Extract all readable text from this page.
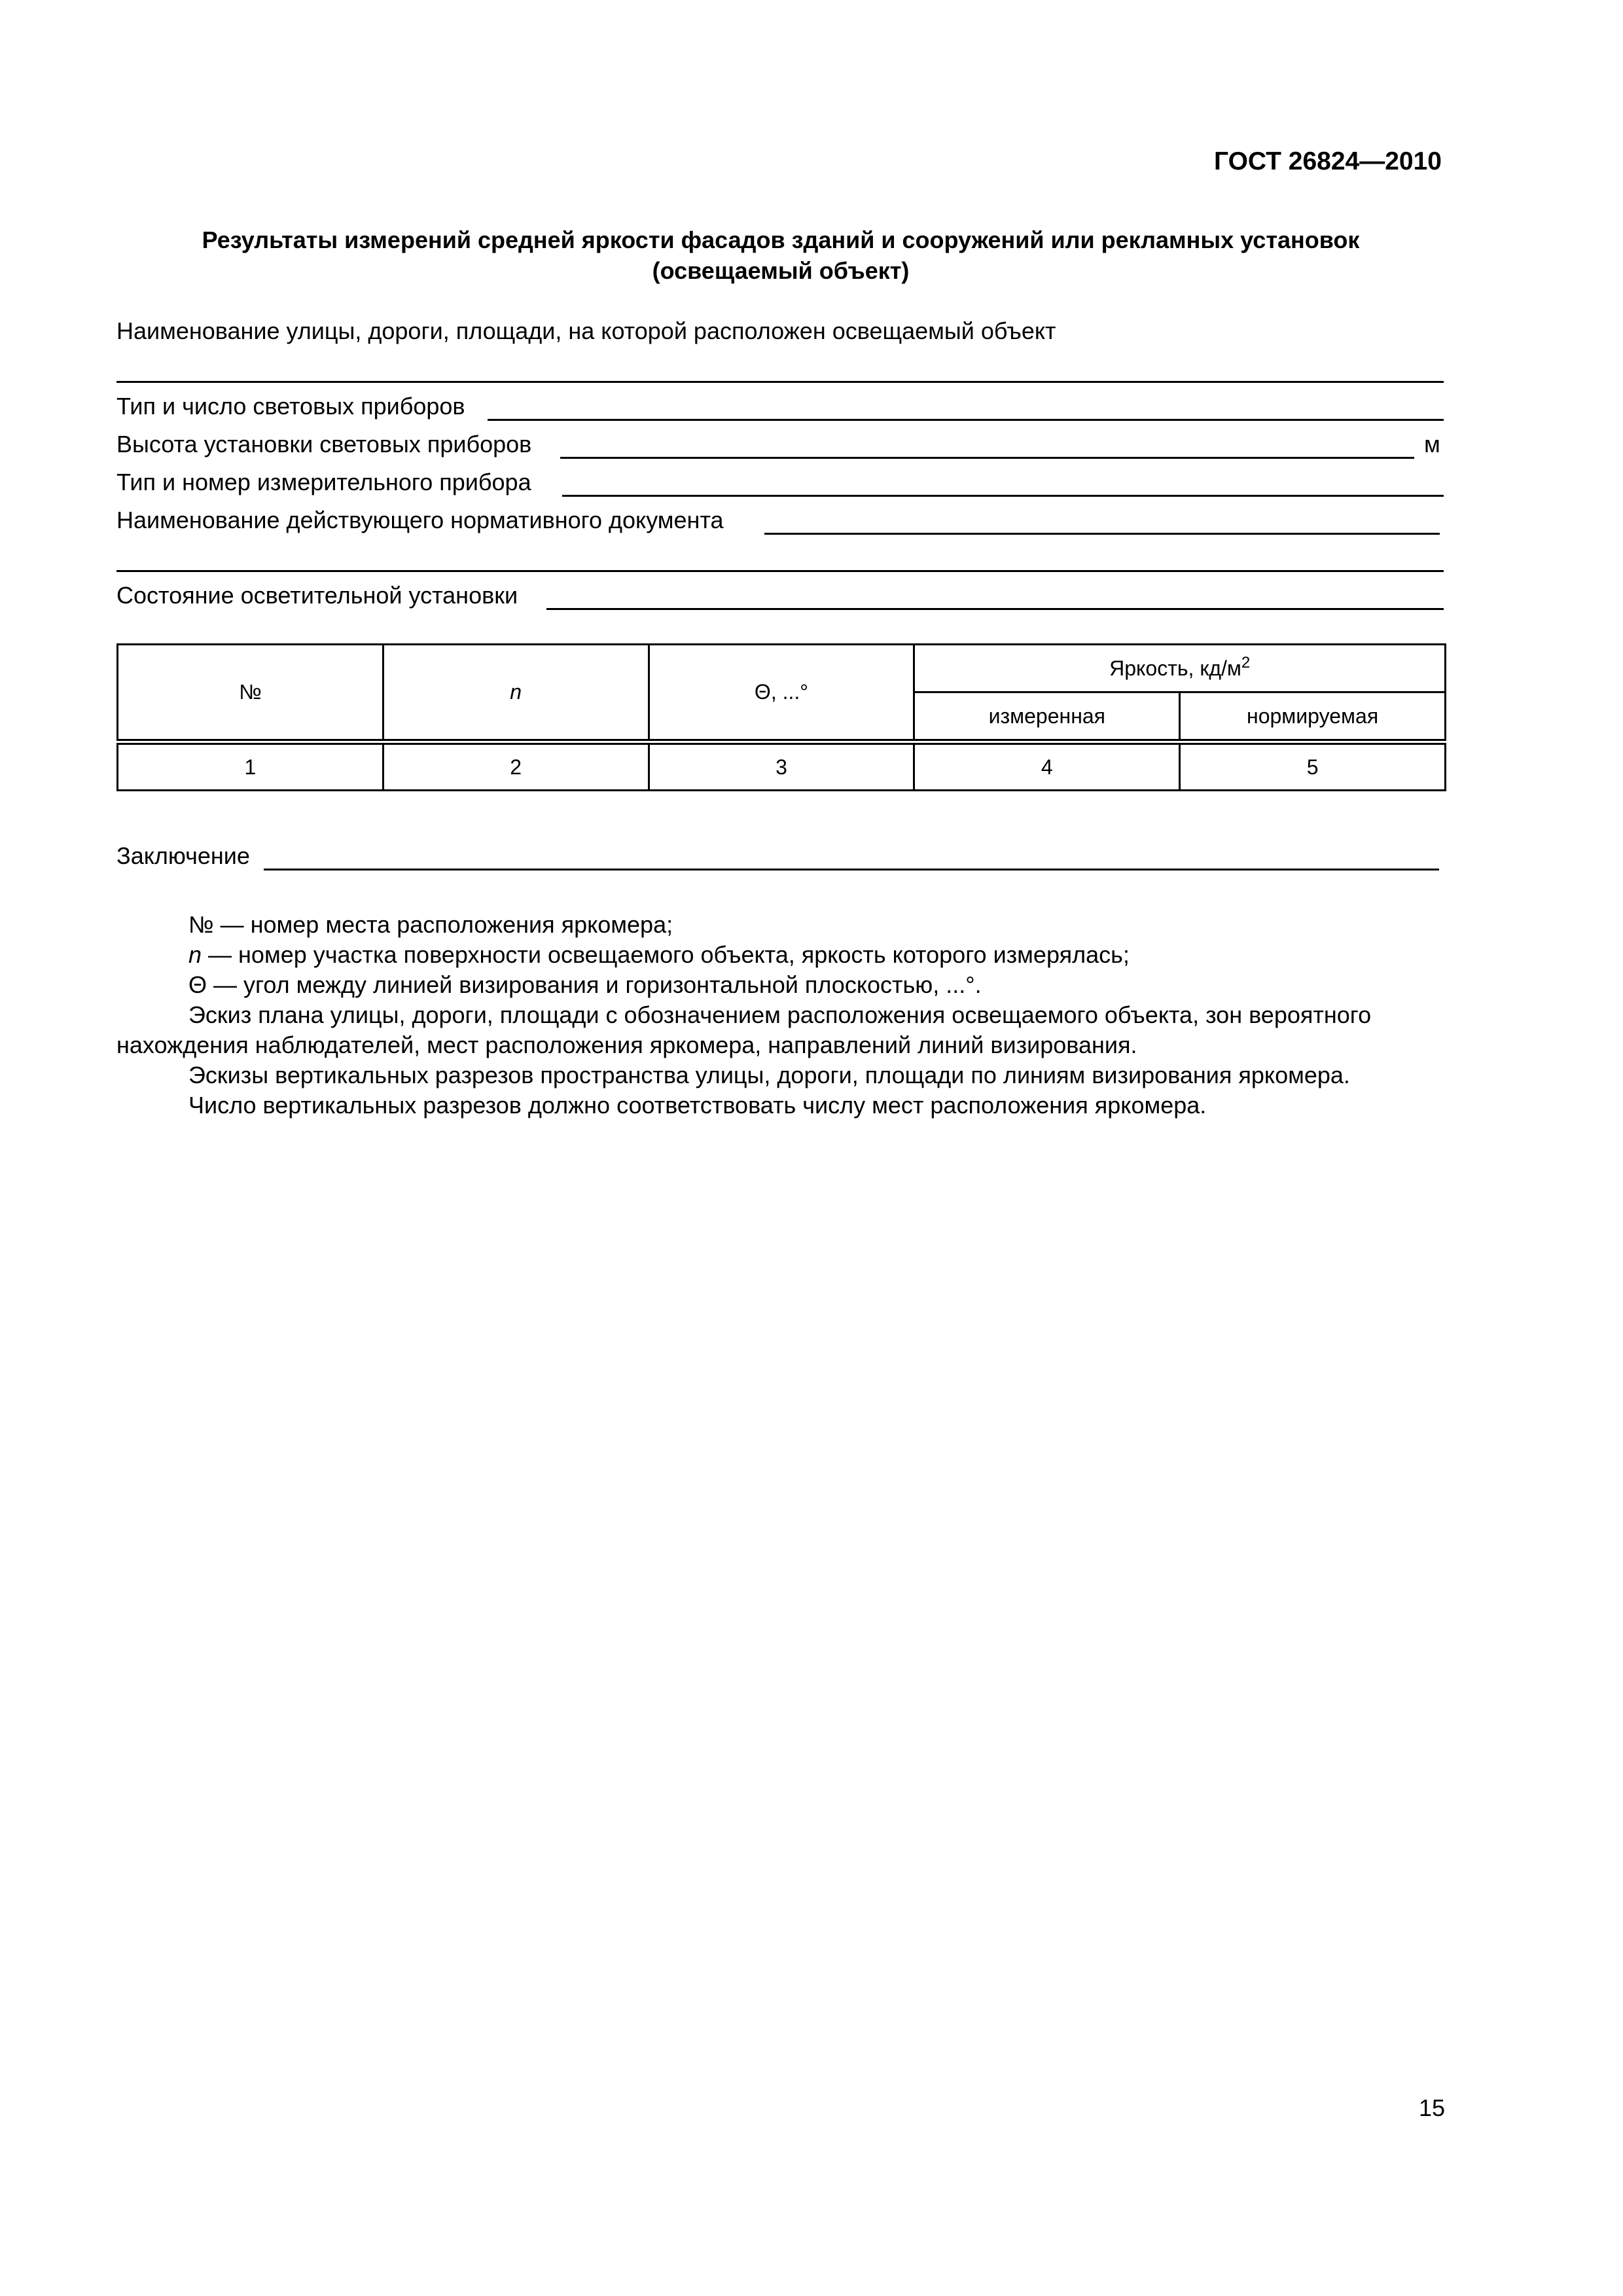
ГОСТ 26824—2010
Результаты измерений средней яркости фасадов зданий и сооружений или рекламных установок
(освещаемый объект)
Наименование улицы, дороги, площади, на которой расположен освещаемый объект
Тип и число световых приборов
Высота установки световых приборов	м
Тип и номер измерительного прибора
Наименование действующего нормативного документа
Состояние осветительной установки
№	n	Θ, ...°	Яркость, $кд/м^2$
			измеренная	нормируемая
1	2	3	4	5
Заключение

№ — номер места расположения яркомера;

n — номер участка поверхности освещаемого объекта, яркость которого измерялась;

Θ — угол между линией визирования и горизонтальной плоскостью, ...°.

Эскиз плана улицы, дороги, площади с обозначением расположения освещаемого объекта, зон вероятного нахождения наблюдателей, мест расположения яркомера, направлений линий визирования.

Эскизы вертикальных разрезов пространства улицы, дороги, площади по линиям визирования яркомера.

Число вертикальных разрезов должно соответствовать числу мест расположения яркомера.

15
